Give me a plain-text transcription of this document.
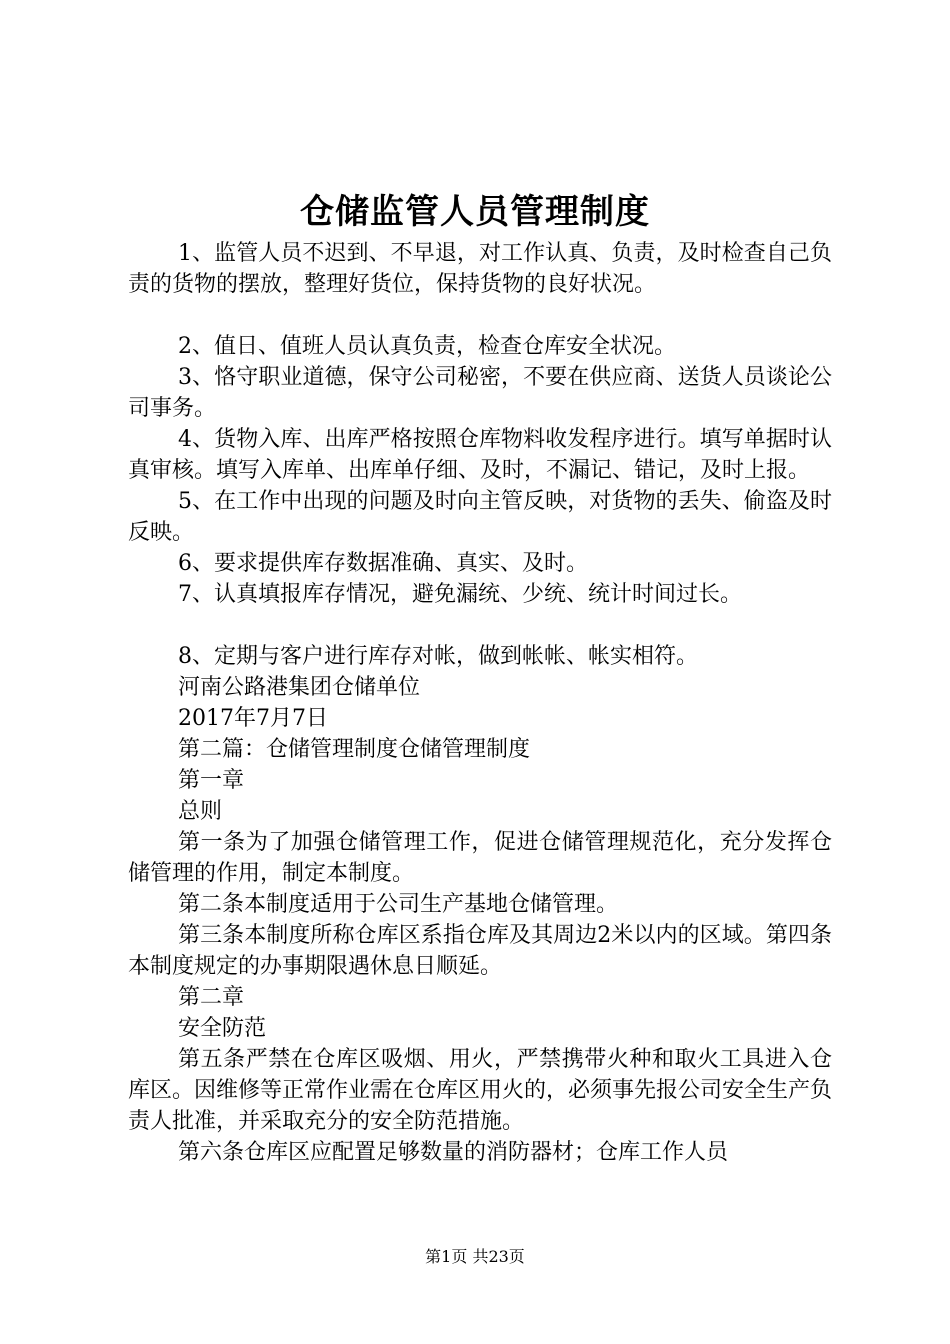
仓储监管人员管理制度

1、监管人员不迟到、不早退，对工作认真、负责，及时检查自己负责的货物的摆放，整理好货位，保持货物的良好状况。

2、值日、值班人员认真负责，检查仓库安全状况。

3、恪守职业道德，保守公司秘密，不要在供应商、送货人员谈论公司事务。

4、货物入库、出库严格按照仓库物料收发程序进行。填写单据时认真审核。填写入库单、出库单仔细、及时，不漏记、错记，及时上报。

5、在工作中出现的问题及时向主管反映，对货物的丢失、偷盗及时反映。

6、要求提供库存数据准确、真实、及时。

7、认真填报库存情况，避免漏统、少统、统计时间过长。

8、定期与客户进行库存对帐，做到帐帐、帐实相符。

河南公路港集团仓储单位

2017年7月7日

第二篇：仓储管理制度仓储管理制度

第一章

总则

第一条为了加强仓储管理工作，促进仓储管理规范化，充分发挥仓储管理的作用，制定本制度。

第二条本制度适用于公司生产基地仓储管理。

第三条本制度所称仓库区系指仓库及其周边2米以内的区域。第四条本制度规定的办事期限遇休息日顺延。

第二章

安全防范

第五条严禁在仓库区吸烟、用火，严禁携带火种和取火工具进入仓库区。因维修等正常作业需在仓库区用火的，必须事先报公司安全生产负责人批准，并采取充分的安全防范措施。

第六条仓库区应配置足够数量的消防器材；仓库工作人员

第1页 共23页
